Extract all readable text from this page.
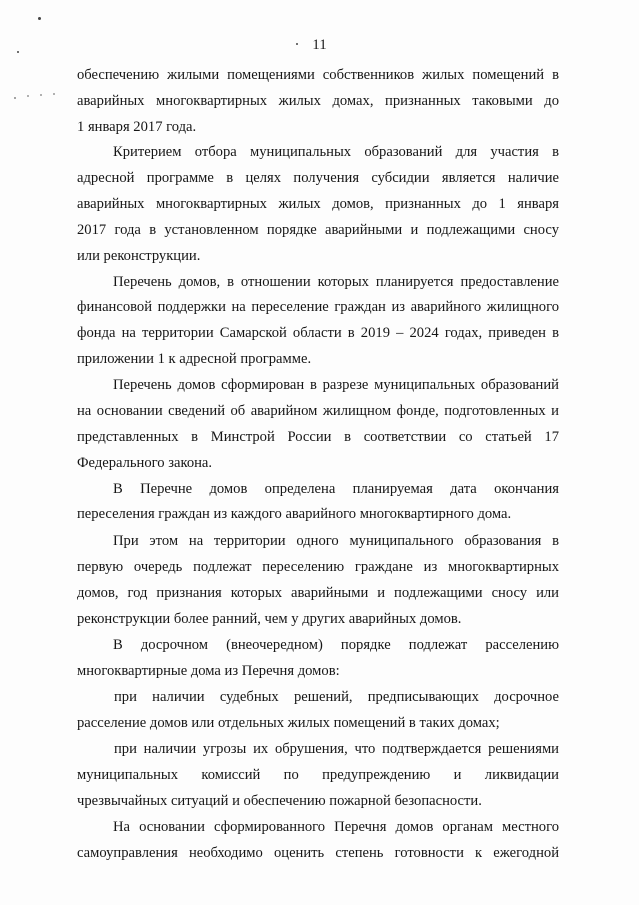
11

обеспечению жилыми помещениями собственников жилых помещений в

аварийных многоквартирных жилых домах, признанных таковыми до

1 января 2017 года.

Критерием отбора муниципальных образований для участия в

адресной программе в целях получения субсидии является наличие

аварийных многоквартирных жилых домов, признанных до 1 января

2017 года в установленном порядке аварийными и подлежащими сносу

или реконструкции.

Перечень домов, в отношении которых планируется предоставление

финансовой поддержки на переселение граждан из аварийного жилищного

фонда на территории Самарской области в 2019 – 2024 годах, приведен в

приложении 1 к адресной программе.

Перечень домов сформирован в разрезе муниципальных образований

на основании сведений об аварийном жилищном фонде, подготовленных и

представленных в Минстрой России в соответствии со статьей 17

Федерального закона.

В Перечне домов определена планируемая дата окончания

переселения граждан из каждого аварийного многоквартирного дома.

При этом на территории одного муниципального образования в

первую очередь подлежат переселению граждане из многоквартирных

домов, год признания которых аварийными и подлежащими сносу или

реконструкции более ранний, чем у других аварийных домов.

В досрочном (внеочередном) порядке подлежат расселению

многоквартирные дома из Перечня домов:

при наличии судебных решений, предписывающих досрочное

расселение домов или отдельных жилых помещений в таких домах;

при наличии угрозы их обрушения, что подтверждается решениями

муниципальных комиссий по предупреждению и ликвидации

чрезвычайных ситуаций и обеспечению пожарной безопасности.

На основании сформированного Перечня домов органам местного

самоуправления необходимо оценить степень готовности к ежегодной
